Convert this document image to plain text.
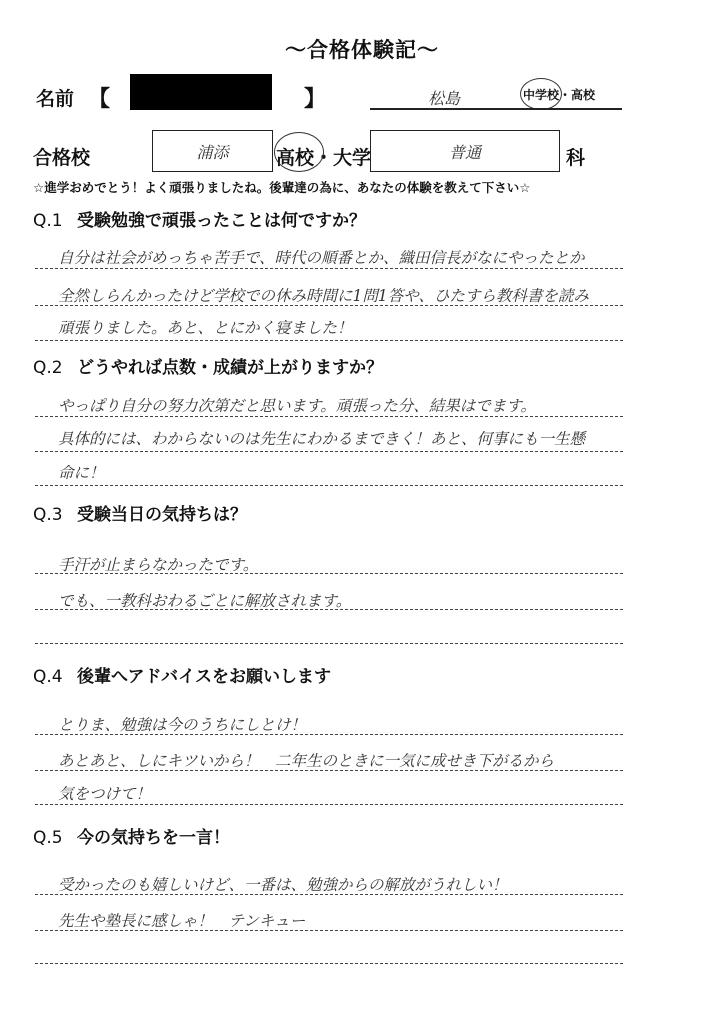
〜合格体験記〜
名前 【	】	松島	中学校・高校
合格校	浦添	高校・大学	普通	科
☆進学おめでとう！よく頑張りましたね。後輩達の為に、あなたの体験を教えて下さい☆
Q.1 受験勉強で頑張ったことは何ですか？
自分は社会がめっちゃ苦手で、時代の順番とか、織田信長がなにやったとか
全然しらんかったけど学校での休み時間に1問1答や、ひたすら教科書を読み
頑張りました。あと、とにかく寝ました！
Q.2 どうやれば点数・成績が上がりますか？
やっぱり自分の努力次第だと思います。頑張った分、結果はでます。
具体的には、わからないのは先生にわかるまできく！あと、何事にも一生懸
命に！
Q.3 受験当日の気持ちは？
手汗が止まらなかったです。
でも、一教科おわるごとに解放されます。
Q.4 後輩へアドバイスをお願いします
とりま、勉強は今のうちにしとけ！
あとあと、しにキツいから！　二年生のときに一気に成せき下がるから
気をつけて！
Q.5 今の気持ちを一言！
受かったのも嬉しいけど、一番は、勉強からの解放がうれしい！
先生や塾長に感しゃ！　テンキュー
